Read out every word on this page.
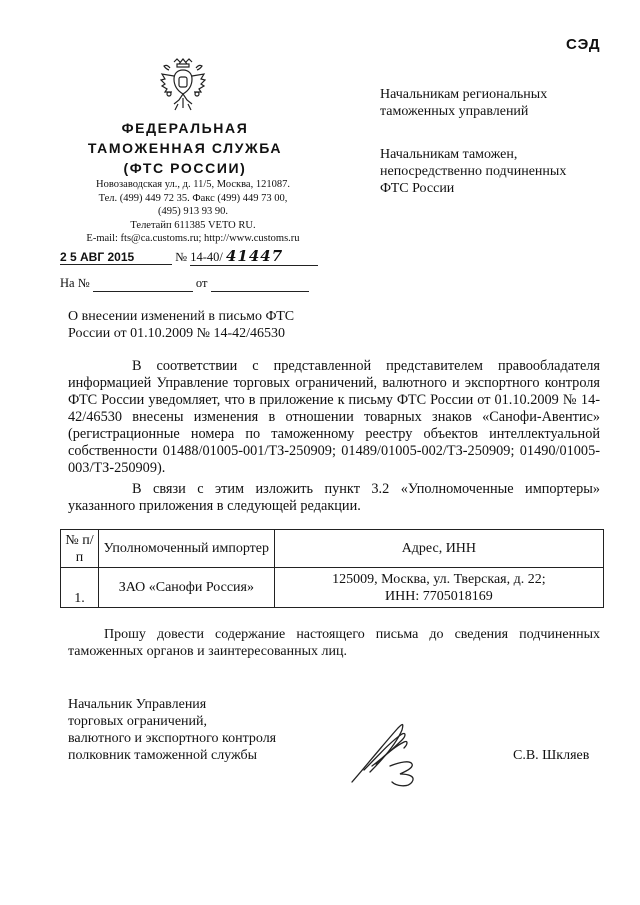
СЭД
ФЕДЕРАЛЬНАЯ
ТАМОЖЕННАЯ СЛУЖБА
(ФТС РОССИИ)
Новозаводская ул., д. 11/5, Москва, 121087.
Тел. (499) 449 72 35. Факс (499) 449 73 00,
(495) 913 93 90.
Телетайп 611385 VETO RU.
E-mail: fts@ca.customs.ru; http://www.customs.ru
2 5 АВГ 2015	№ 14-40/ 41447
На №	от
Начальникам региональных
таможенных управлений
Начальникам таможен,
непосредственно подчиненных
ФТС России
О внесении изменений в письмо ФТС
России от 01.10.2009 № 14-42/46530
В соответствии с представленной представителем правообладателя информацией Управление торговых ограничений, валютного и экспортного контроля ФТС России уведомляет, что в приложение к письму ФТС России от 01.10.2009 № 14-42/46530 внесены изменения в отношении товарных знаков «Санофи-Авентис» (регистрационные номера по таможенному реестру объектов интеллектуальной собственности 01488/01005-001/ТЗ-250909; 01489/01005-002/ТЗ-250909; 01490/01005-003/ТЗ-250909).
В связи с этим изложить пункт 3.2 «Уполномоченные импортеры» указанного приложения в следующей редакции.
№ п/п	Уполномоченный импортер	Адрес, ИНН
1.	ЗАО «Санофи Россия»	125009, Москва, ул. Тверская, д. 22;
ИНН: 7705018169
Прошу довести содержание настоящего письма до сведения подчиненных таможенных органов и заинтересованных лиц.
Начальник Управления
торговых ограничений,
валютного и экспортного контроля
полковник таможенной службы	С.В. Шкляев
